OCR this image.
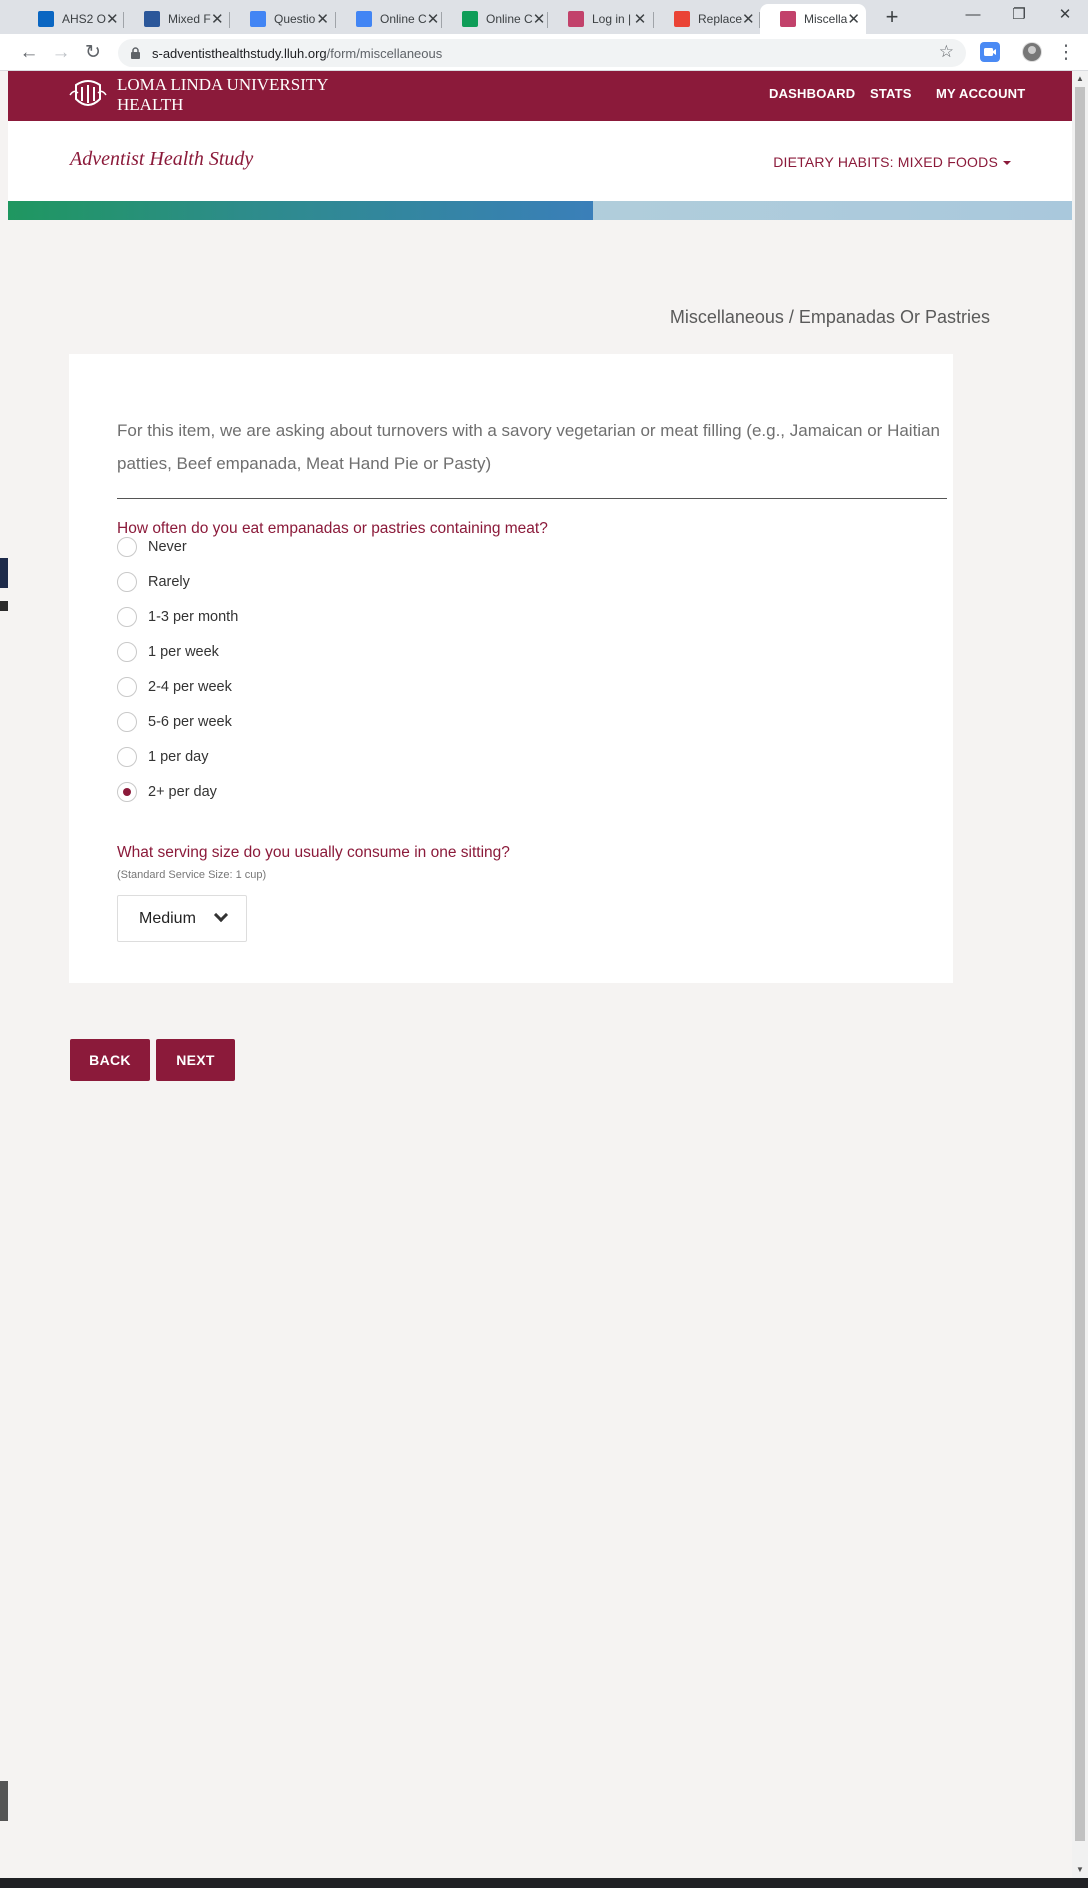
AHS2 O ✕	Mixed F ✕	Questio ✕	Online C ✕	Online C ✕	Log in | ✕	Replace ✕	Miscella ✕	+	—	❐	✕
← → ↻	s-adventisthealthstudy.lluh.org /form/miscellaneous	☆	⋮
LOMA LINDA UNIVERSITY
HEALTH
DASHBOARD STATS MY ACCOUNT
Adventist Health Study	DIETARY HABITS: MIXED FOODS
Miscellaneous / Empanadas Or Pastries
For this item, we are asking about turnovers with a savory vegetarian or meat filling (e.g., Jamaican or Haitian patties, Beef empanada, Meat Hand Pie or Pasty)
How often do you eat empanadas or pastries containing meat?
Never
Rarely
1-3 per month
1 per week
2-4 per week
5-6 per week
1 per day
2+ per day
What serving size do you usually consume in one sitting?
(Standard Service Size: 1 cup)
Medium
BACK	NEXT
▲
▼
